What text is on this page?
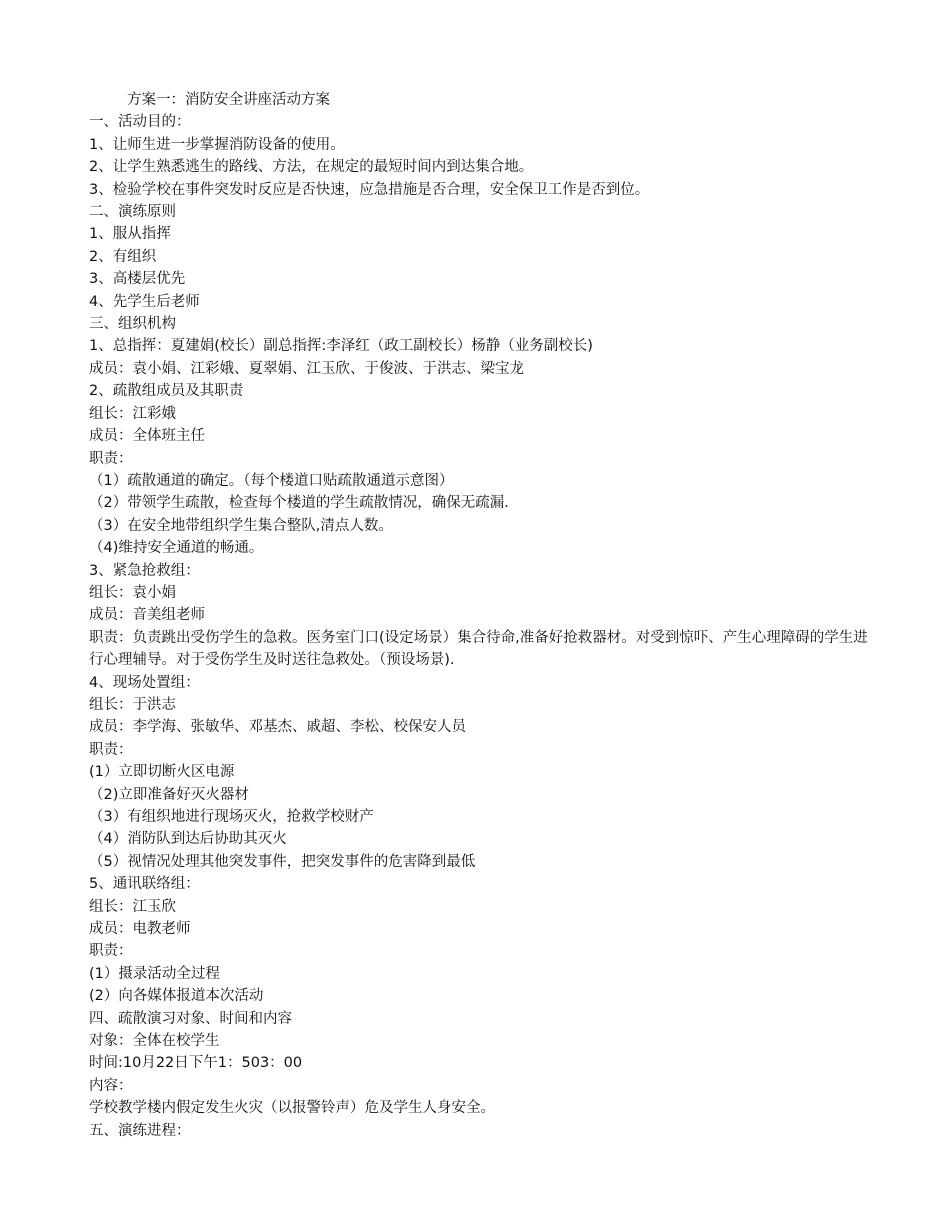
方案一：消防安全讲座活动方案

一、活动目的：

1、让师生进一步掌握消防设备的使用。

2、让学生熟悉逃生的路线、方法，在规定的最短时间内到达集合地。

3、检验学校在事件突发时反应是否快速，应急措施是否合理，安全保卫工作是否到位。

二、演练原则

1、服从指挥

2、有组织

3、高楼层优先

4、先学生后老师

三、组织机构

1、总指挥：夏建娟(校长）副总指挥:李泽红（政工副校长）杨静（业务副校长)

成员：袁小娟、江彩娥、夏翠娟、江玉欣、于俊波、于洪志、梁宝龙

2、疏散组成员及其职责

组长：江彩娥

成员：全体班主任

职责：

（1）疏散通道的确定。（每个楼道口贴疏散通道示意图）

（2）带领学生疏散，检查每个楼道的学生疏散情况，确保无疏漏.

（3）在安全地带组织学生集合整队,清点人数。

（4)维持安全通道的畅通。

3、紧急抢救组：

组长：袁小娟

成员：音美组老师

职责：负责跳出受伤学生的急救。医务室门口(设定场景）集合待命,准备好抢救器材。对受到惊吓、产生心理障碍的学生进行心理辅导。对于受伤学生及时送往急救处。（预设场景).

4、现场处置组：

组长：于洪志

成员：李学海、张敏华、邓基杰、戚超、李松、校保安人员

职责：

(1）立即切断火区电源

（2)立即准备好灭火器材

（3）有组织地进行现场灭火，抢救学校财产

（4）消防队到达后协助其灭火

（5）视情况处理其他突发事件，把突发事件的危害降到最低

5、通讯联络组：

组长：江玉欣

成员：电教老师

职责：

(1）摄录活动全过程

(2）向各媒体报道本次活动

四、疏散演习对象、时间和内容

对象：全体在校学生

时间:10月22日下午1：503：00

内容：

学校教学楼内假定发生火灾（以报警铃声）危及学生人身安全。

五、演练进程：
